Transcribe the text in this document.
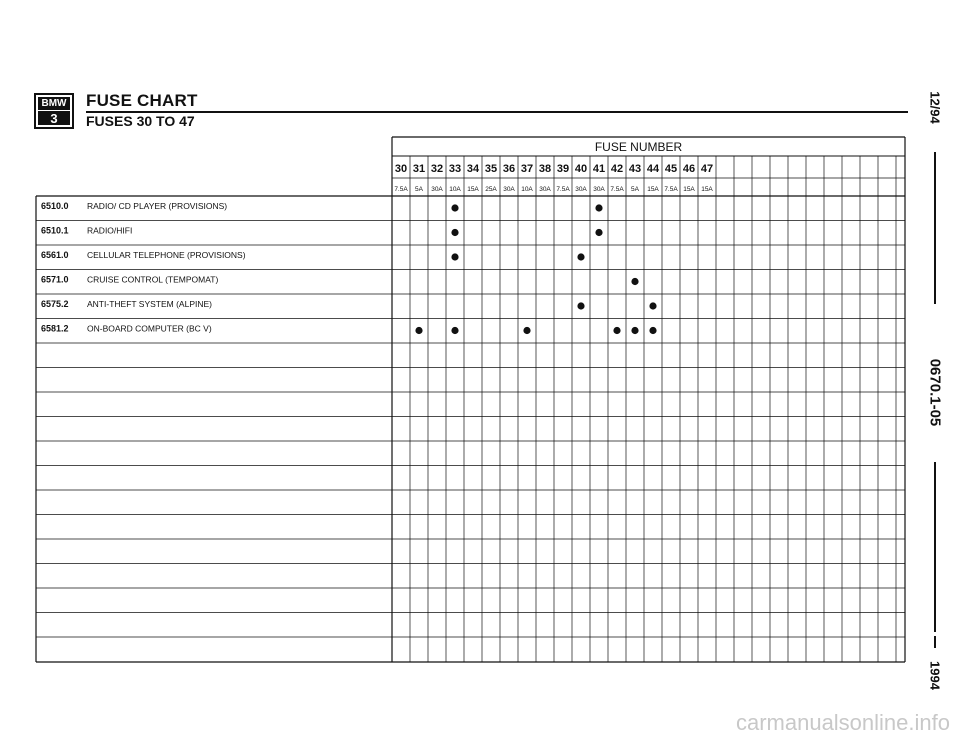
BMW
3
FUSE CHART
FUSES 30 TO 47	12/94
0670.1-05
1994
FUSE NUMBER
30 31 32 33 34 35 36 37 38 39 40 41 42 43 44 45 46 47
7.5A 5A 30A 10A 15A 25A 30A 10A 30A 7.5A 30A 30A 7.5A 5A 15A 7.5A 15A 15A
6510.0 RADIO/ CD PLAYER (PROVISIONS)
6510.1 RADIO/HIFI
6561.0 CELLULAR TELEPHONE (PROVISIONS)
6571.0 CRUISE CONTROL (TEMPOMAT)
6575.2 ANTI-THEFT SYSTEM (ALPINE)
6581.2 ON-BOARD COMPUTER (BC V)
carmanualsonline.info
